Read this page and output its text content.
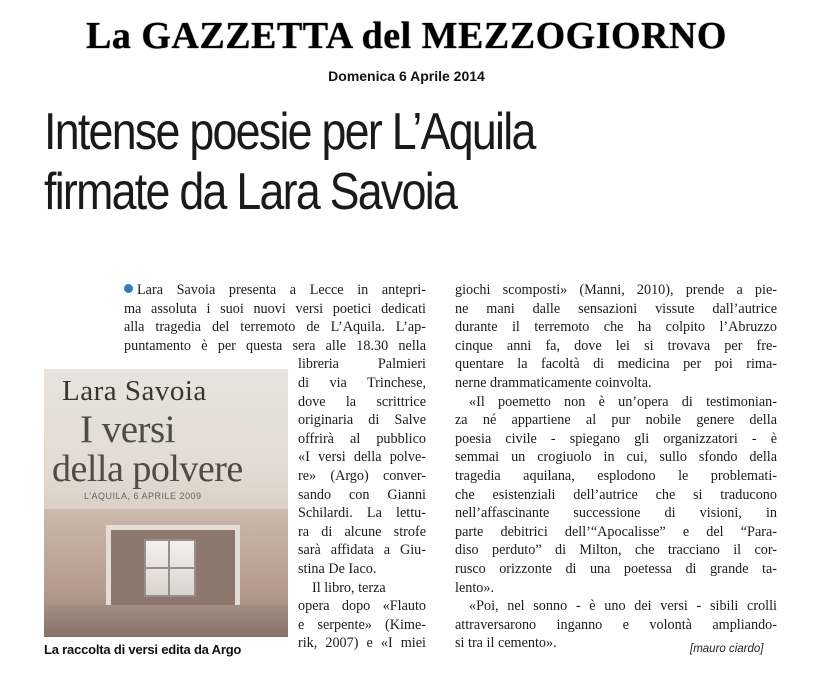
La GAZZETTA del MEZZOGIORNO
Domenica 6 Aprile 2014
Intense poesie per L’Aquila
firmate da Lara Savoia
Lara Savoia presenta a Lecce in antepri-
ma assoluta i suoi nuovi versi poetici dedicati
alla tragedia del terremoto de L’Aquila. L’ap-
puntamento è per questa sera alle 18.30 nella
libreria Palmieri
di via Trinchese,
dove la scrittrice
originaria di Salve
offrirà al pubblico
«I versi della polve-
re» (Argo) conver-
sando con Gianni
Schilardi. La lettu-
ra di alcune strofe
sarà affidata a Giu-
stina De Iaco.
Il libro, terza
opera dopo «Flauto
e serpente» (Kime-
rik, 2007) e «I miei
giochi scomposti» (Manni, 2010), prende a pie-
ne mani dalle sensazioni vissute dall’autrice
durante il terremoto che ha colpito l’Abruzzo
cinque anni fa, dove lei si trovava per fre-
quentare la facoltà di medicina per poi rima-
nerne drammaticamente coinvolta.
«Il poemetto non è un’opera di testimonian-
za né appartiene al pur nobile genere della
poesia civile - spiegano gli organizzatori - è
semmai un crogiuolo in cui, sullo sfondo della
tragedia aquilana, esplodono le problemati-
che esistenziali dell’autrice che si traducono
nell’affascinante successione di visioni, in
parte debitrici dell’“Apocalisse” e del “Para-
diso perduto” di Milton, che tracciano il cor-
rusco orizzonte di una poetessa di grande ta-
lento».
«Poi, nel sonno - è uno dei versi - sibili crolli
attraversarono inganno e volontà ampliando-
si tra il cemento».
Lara Savoia
I versi
della polvere
L’AQUILA, 6 APRILE 2009
La raccolta di versi edita da Argo	[mauro ciardo]
